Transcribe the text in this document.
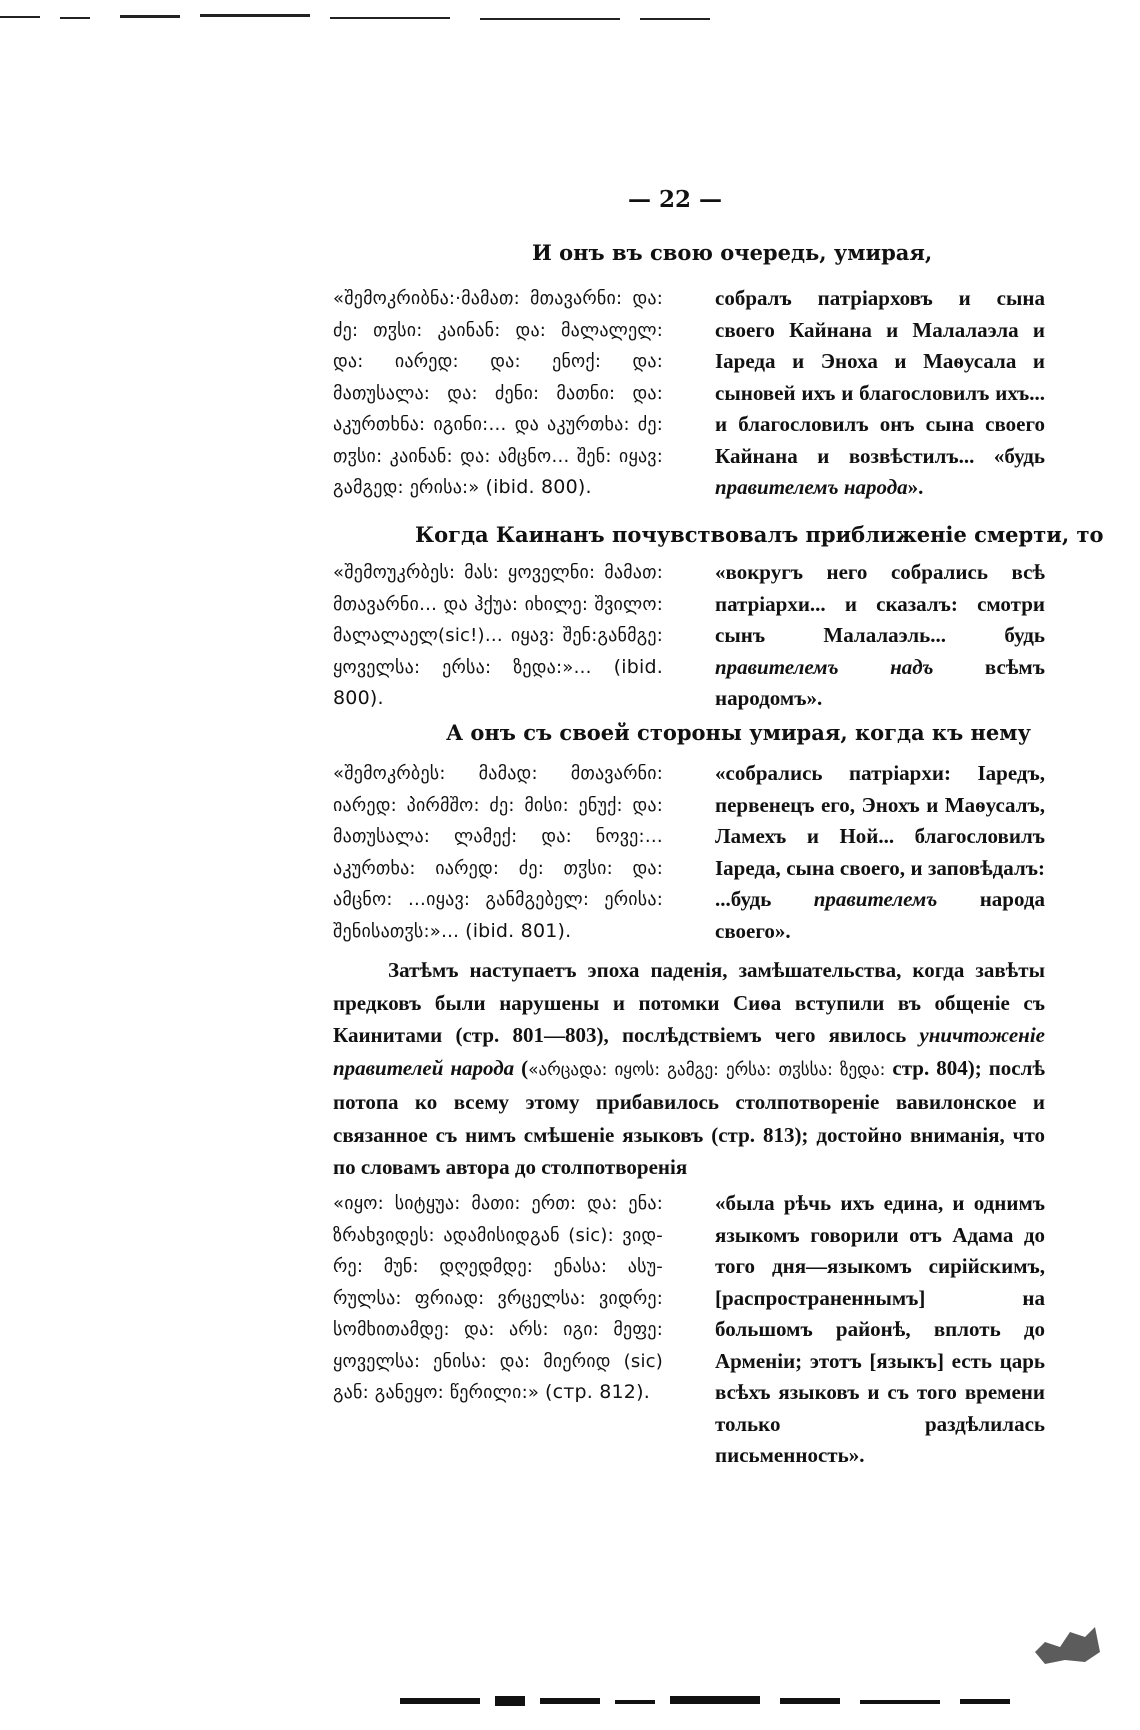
— 22 —
И онъ въ свою очередь, умирая,
«შემოკრიბნა:·მამათ: მთავარნი: და: ძე: თჳსი: კაინან: და: მალალელ: და: იარედ: და: ენოქ: და: მათუსალა: და: ძენი: მათნი: და: აკურთხნა: იგინი:… და აკურთხა: ძე: თჳსი: კაინან: და: ამცნო… შენ: იყავ: გამგედ: ერისა:» (ibid. 800).
собралъ патріарховъ и сына своего Кайнана и Малалаэла и Іареда и Эноха и Маѳусала и сыновей ихъ и благословилъ ихъ... и благословилъ онъ сына своего Кайнана и возвѣстилъ... «будь правителемъ народа».
Когда Каинанъ почувствовалъ приближеніе смерти, то
«შემოუკრბეს: მას: ყოველნი: მამათ: მთავარნი… და ჰქუა: იხილე: შვილო: მალალაელ(sic!)… იყავ: შენ:განმგე: ყოველსა: ერსა: ზედა:»… (ibid. 800).
«вокругъ него собрались всѣ патріархи... и сказалъ: смотри сынъ Малалаэль... будь правителемъ надъ всѣмъ народомъ».
А онъ съ своей стороны умирая, когда къ нему
«შემოკრბეს: მამად: მთავარნი: იარედ: პირმშო: ძე: მისი: ენუქ: და: მათუსალა: ლამექ: და: ნოვე:… აკურთხა: იარედ: ძე: თჳსი: და: ამცნო: …იყავ: განმგებელ: ერისა: შენისათჳს:»… (ibid. 801).
«собрались патріархи: Іаредъ, первенецъ его, Энохъ и Маѳусалъ, Ламехъ и Ной... благословилъ Іареда, сына своего, и заповѣдалъ: ...будь правителемъ народа своего».
Затѣмъ наступаетъ эпоха паденія, замѣшательства, когда завѣты предковъ были нарушены и потомки Сиѳа вступили въ общеніе съ Каинитами (стр. 801—803), послѣдствіемъ чего явилось уничтоженіе правителей народа («არცადა: იყოს: გამგე: ერსა: თჳსსა: ზედა: стр. 804); послѣ потопа ко всему этому прибавилось столпотвореніе вавилонское и связанное съ нимъ смѣшеніе языковъ (стр. 813); достойно вниманія, что по словамъ автора до столпотворенія
«იყო: სიტყუა: მათი: ერთ: და: ენა: ზრახვიდეს: ადამისიდგან (sic): ვიდ-რე: მუნ: დღედმდე: ენასა: ასუ-რულსა: ფრიად: ვრცელსა: ვიდრე: სომხითამდე: და: არს: იგი: მეფე: ყოველსა: ენისა: და: მიერიდ (sic) გან: განეყო: წერილი:» (стр. 812).
«была рѣчь ихъ едина, и однимъ языкомъ говорили отъ Адама до того дня—языкомъ сирійскимъ, [распространеннымъ] на большомъ районѣ, вплоть до Арменіи; этотъ [языкъ] есть царь всѣхъ языковъ и съ того времени только раздѣлилась письменность».
